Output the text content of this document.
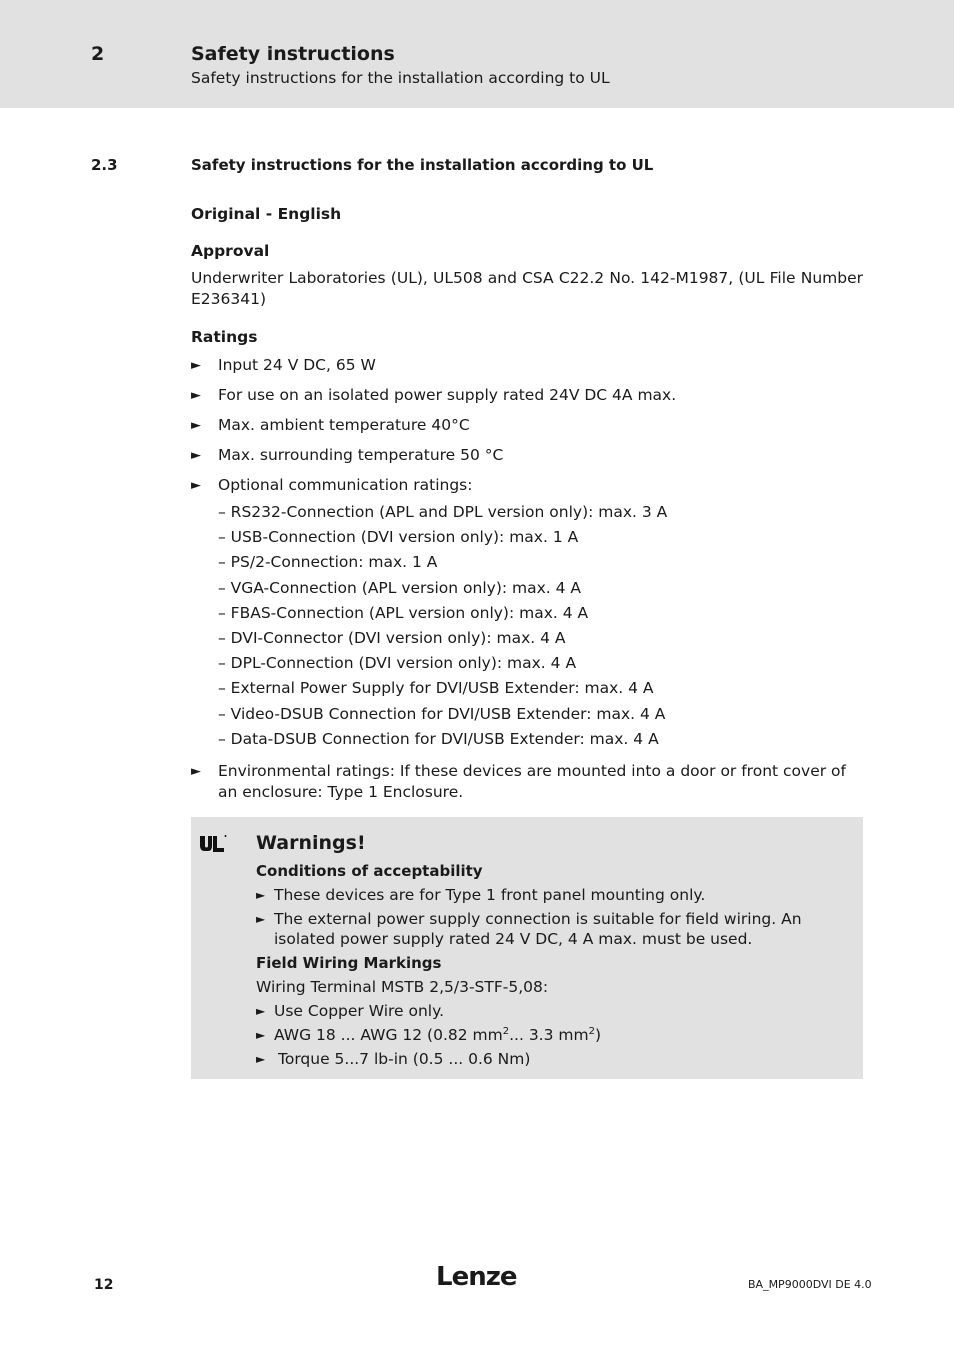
2	Safety instructions
Safety instructions for the installation according to UL
2.3	Safety instructions for the installation according to UL
Original - English
Approval

Underwriter Laboratories (UL), UL508 and CSA C22.2 No. 142-M1987, (UL File Number E236341)

Ratings
► Input 24 V DC, 65 W
► For use on an isolated power supply rated 24V DC 4A max.
► Max. ambient temperature 40°C
► Max. surrounding temperature 50 °C
► Optional communication ratings:
– RS232-Connection (APL and DPL version only): max. 3 A
– USB-Connection (DVI version only): max. 1 A
– PS/2-Connection: max. 1 A
– VGA-Connection (APL version only): max. 4 A
– FBAS-Connection (APL version only): max. 4 A
– DVI-Connector (DVI version only): max. 4 A
– DPL-Connection (DVI version only): max. 4 A
– External Power Supply for DVI/USB Extender: max. 4 A
– Video-DSUB Connection for DVI/USB Extender: max. 4 A
– Data-DSUB Connection for DVI/USB Extender: max. 4 A
► Environmental ratings: If these devices are mounted into a door or front cover of an enclosure: Type 1 Enclosure.
Warnings!
Conditions of acceptability
► These devices are for Type 1 front panel mounting only.
► The external power supply connection is suitable for field wiring. An isolated power supply rated 24 V DC, 4 A max. must be used.
Field Wiring Markings

Wiring Terminal MSTB 2,5/3-STF-5,08:

► Use Copper Wire only.
► AWG 18 ... AWG 12 (0.82 $mm^2$... 3.3 $mm^2$)
► Torque 5...7 lb-in (0.5 ... 0.6 Nm)
12	Lenze	BA_MP9000DVI DE 4.0
